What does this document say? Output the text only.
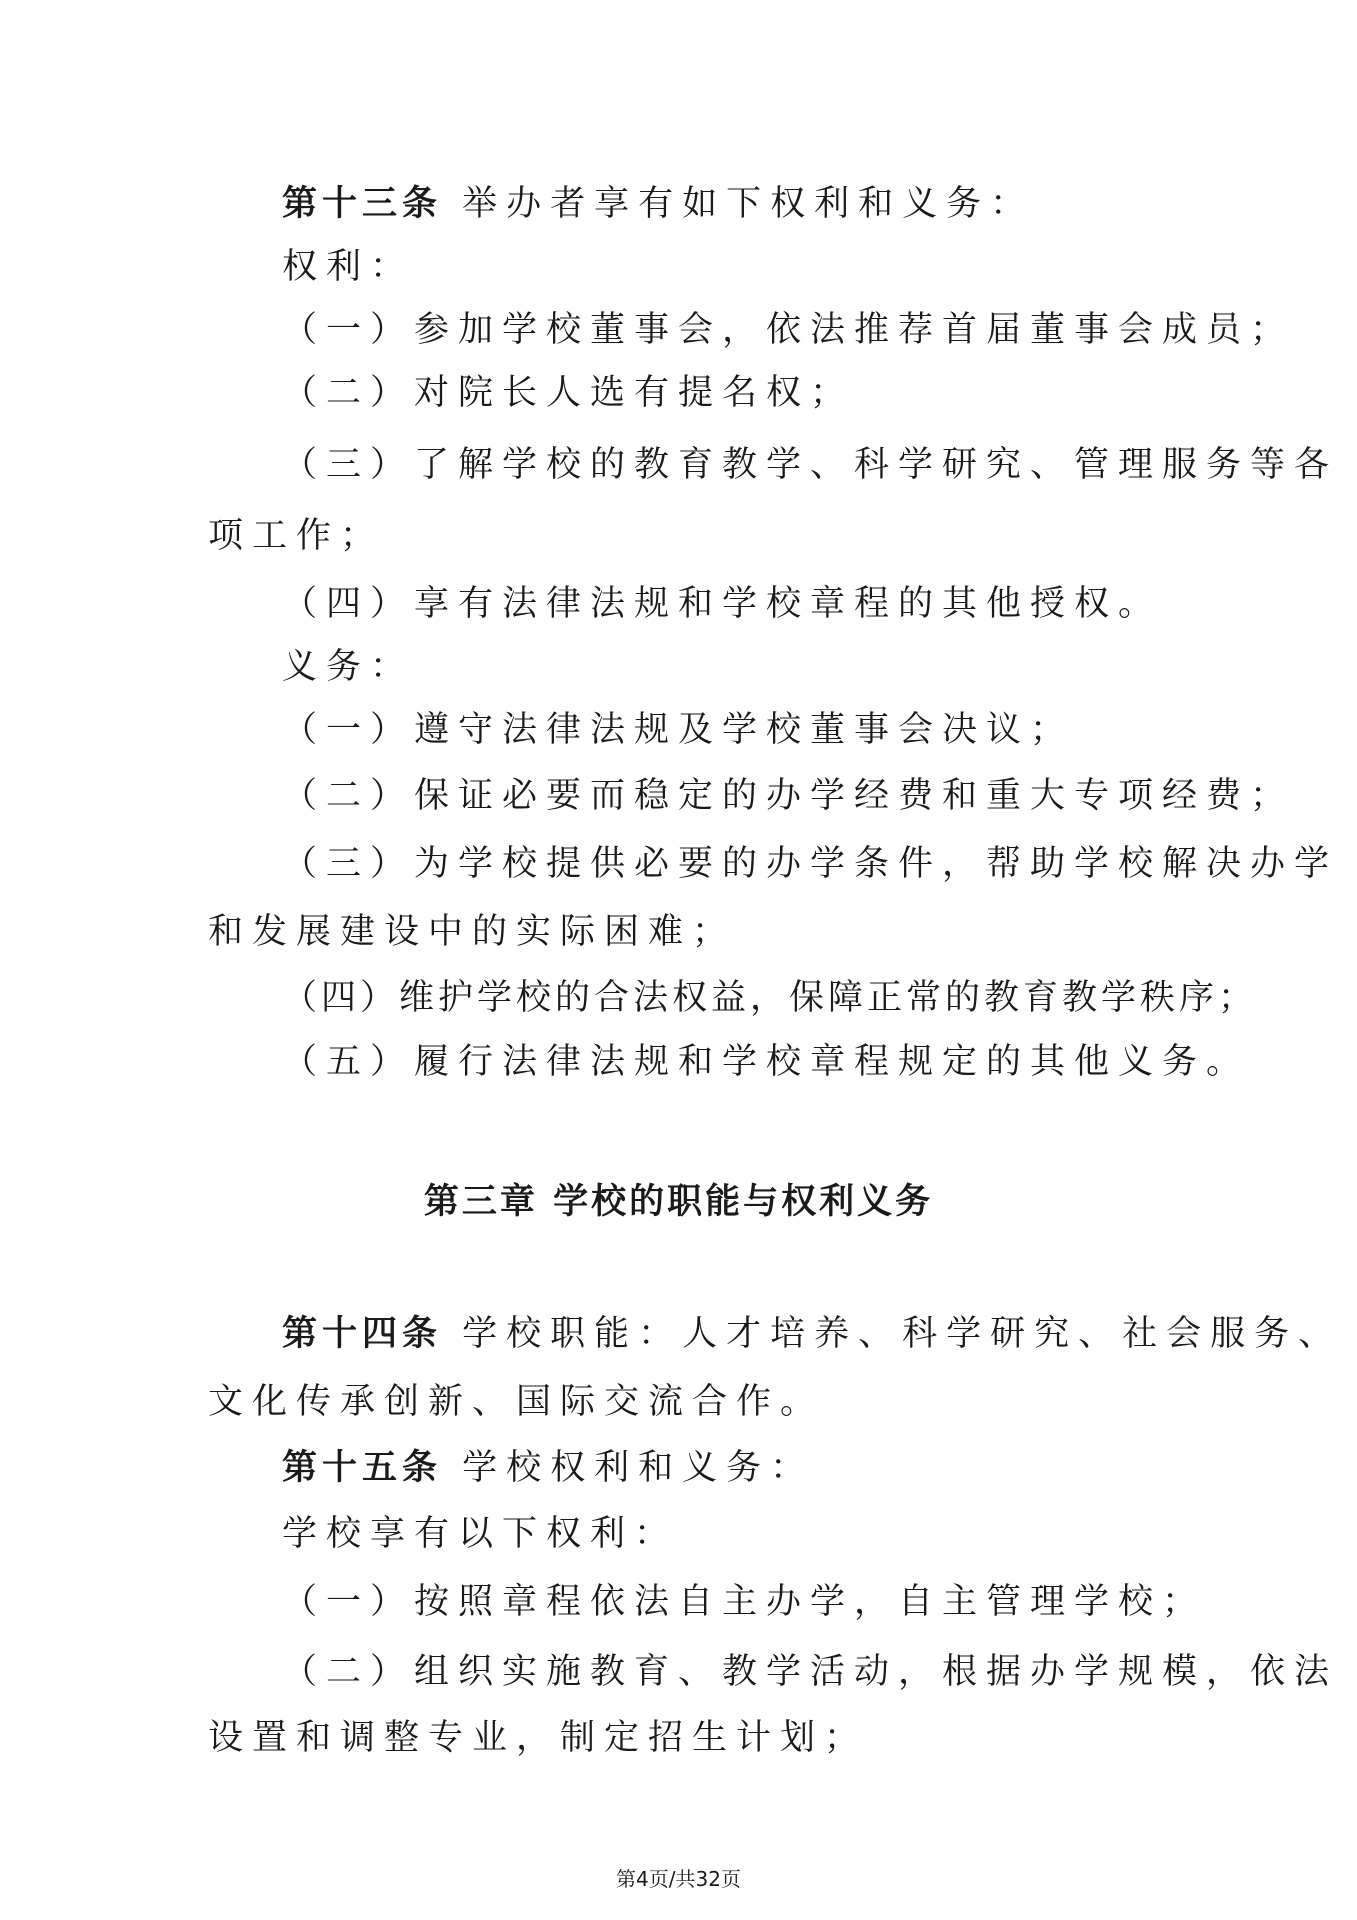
第十三条 举办者享有如下权利和义务：
权利：
（一）参加学校董事会，依法推荐首届董事会成员；
（二）对院长人选有提名权；
（三）了解学校的教育教学、科学研究、管理服务等各
项工作；
（四）享有法律法规和学校章程的其他授权。
义务：
（一）遵守法律法规及学校董事会决议；
（二）保证必要而稳定的办学经费和重大专项经费；
（三）为学校提供必要的办学条件，帮助学校解决办学
和发展建设中的实际困难；
（四）维护学校的合法权益，保障正常的教育教学秩序；
（五）履行法律法规和学校章程规定的其他义务。
第三章 学校的职能与权利义务
第十四条 学校职能：人才培养、科学研究、社会服务、
文化传承创新、国际交流合作。
第十五条 学校权利和义务：
学校享有以下权利：
（一）按照章程依法自主办学，自主管理学校；
（二）组织实施教育、教学活动，根据办学规模，依法
设置和调整专业，制定招生计划；
第4页/共32页
